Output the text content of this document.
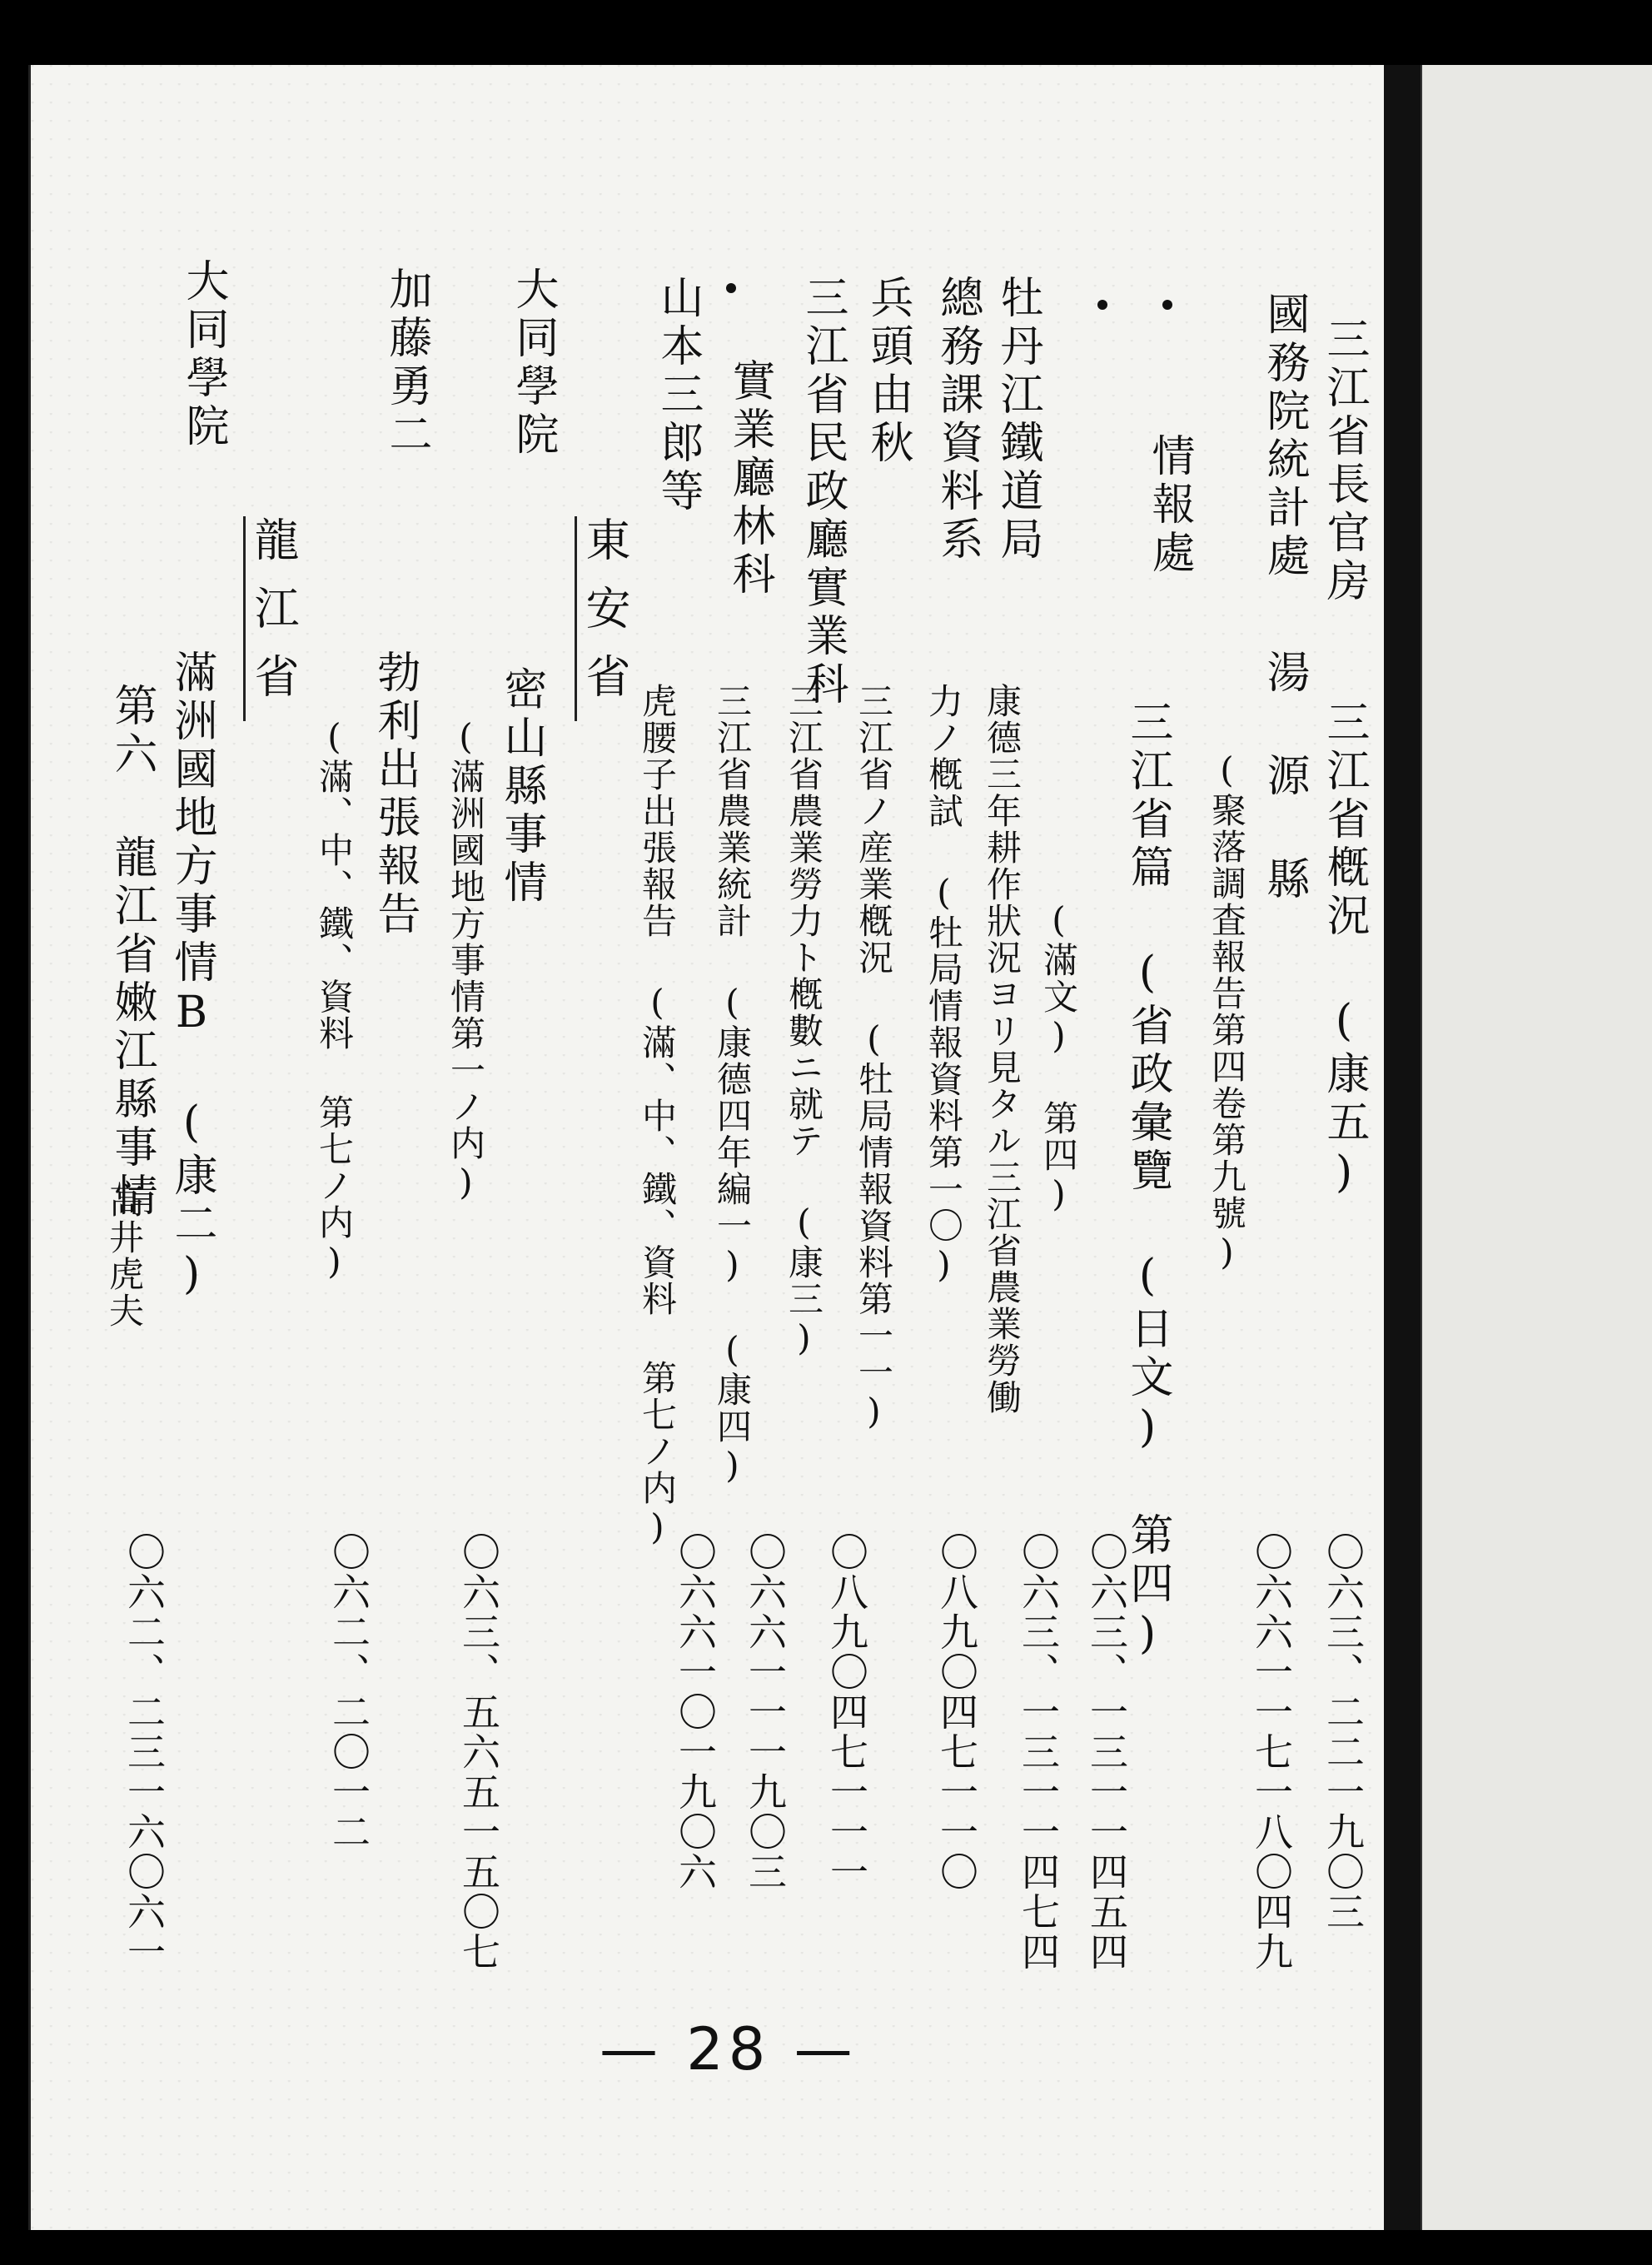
三江省長官房
三江省槪況 (康五)
〇六三、二二一九〇三
國務院統計處
湯 源 縣
(聚落調査報告第四卷第九號)
〇六六一一七一八〇四九
情報處
三江省篇 (省政彙覽 (日文) 第四)
(滿文) 第四)
〇六三、一三一一四五四
牡丹江鐵道局
總務課資料系
康德三年耕作狀況ヨリ見タル三江省農業勞働
力ノ槪試 (牡局情報資料第一〇)
〇六三、一三一一四七四
兵頭由秋
三江省ノ産業槪況 (牡局情報資料第一一)
〇八九〇四七一一〇
三江省民政廳實業科
三江省農業勞力ト槪數ニ就テ (康三)
〇八九〇四七一一一
實業廳林科
三江省農業統計 (康德四年編一) (康四)
〇六六一一一九〇三
山本三郎等
虎腰子出張報告 (滿、中、鐵、資料 第七ノ内)
〇六六一〇一九〇六
東安省
大同學院
密山縣事情
(滿洲國地方事情第一ノ内)
〇六三、五六五一五〇七
加藤勇二
勃利出張報告
(滿、中、鐵、資料 第七ノ内)
〇六二、二〇一二
龍江省
大同學院
滿洲國地方事情B (康二)
第六 龍江省嫩江縣事情
高井虎夫
〇六二、二三一六〇六一
— 28 —
